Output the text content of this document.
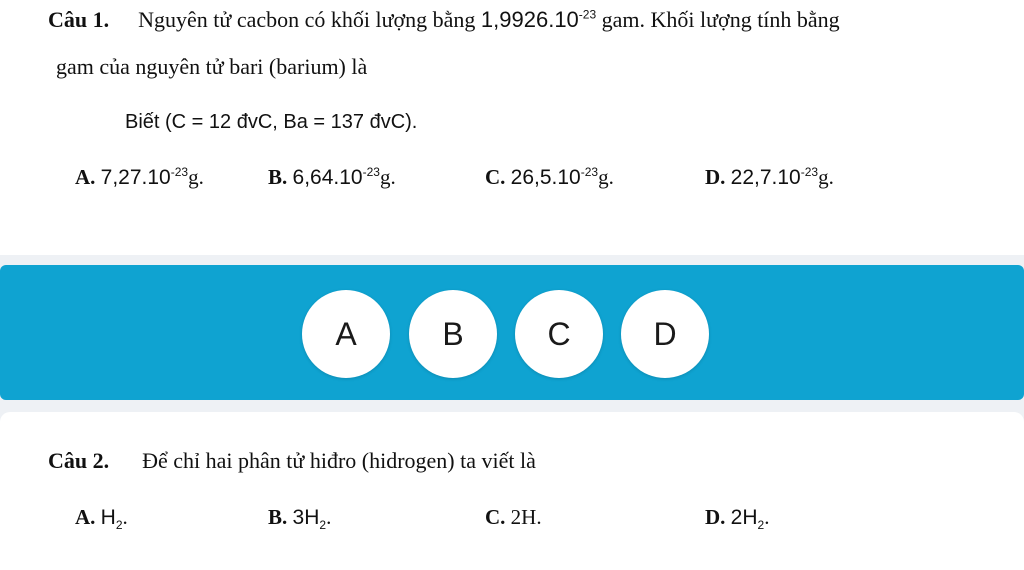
Câu 1. Nguyên tử cacbon có khối lượng bằng $1,9926.10^{-23}$ gam. Khối lượng tính bằng
gam của nguyên tử bari (barium) là
Biết (C = 12 đvC, Ba = 137 đvC).
A. $7,27.10^{-23}g$.	B. $6,64.10^{-23}g$.	C. $26,5.10^{-23}g$.	D. $22,7.10^{-23}g$.
A	B	C	D
Câu 2. Để chỉ hai phân tử hiđro (hidrogen) ta viết là
A. $H_2$.	B. $3H_2$.	C. 2H.	D. $2H_2$.
